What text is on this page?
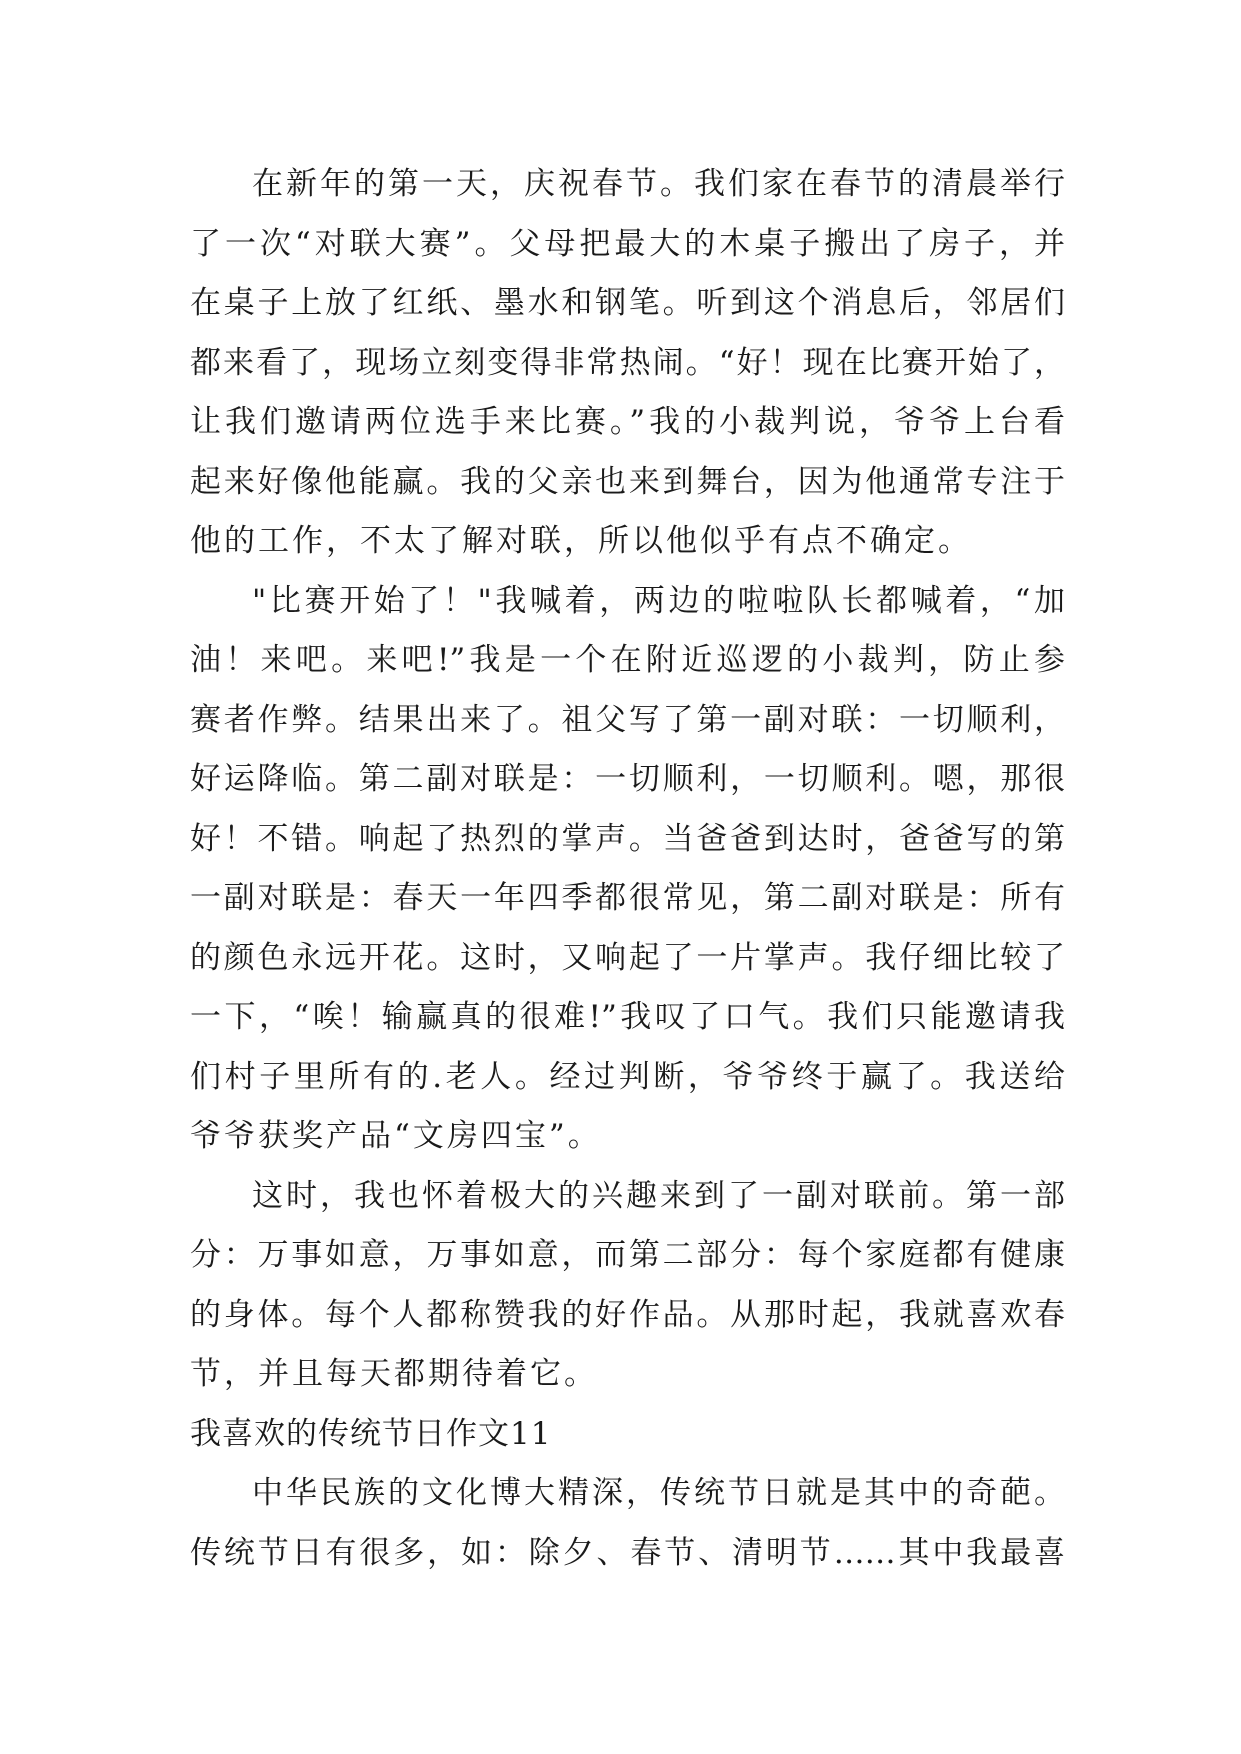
在新年的第一天，庆祝春节。我们家在春节的清晨举行
了一次“对联大赛”。父母把最大的木桌子搬出了房子，并
在桌子上放了红纸、墨水和钢笔。听到这个消息后，邻居们
都来看了，现场立刻变得非常热闹。“好！现在比赛开始了，
让我们邀请两位选手来比赛。”我的小裁判说，爷爷上台看
起来好像他能赢。我的父亲也来到舞台，因为他通常专注于
他的工作，不太了解对联，所以他似乎有点不确定。
"比赛开始了！"我喊着，两边的啦啦队长都喊着，“加
油！来吧。来吧!”我是一个在附近巡逻的小裁判，防止参
赛者作弊。结果出来了。祖父写了第一副对联：一切顺利，
好运降临。第二副对联是：一切顺利，一切顺利。嗯，那很
好！不错。响起了热烈的掌声。当爸爸到达时，爸爸写的第
一副对联是：春天一年四季都很常见，第二副对联是：所有
的颜色永远开花。这时，又响起了一片掌声。我仔细比较了
一下，“唉！输赢真的很难!”我叹了口气。我们只能邀请我
们村子里所有的.老人。经过判断，爷爷终于赢了。我送给
爷爷获奖产品“文房四宝”。
这时，我也怀着极大的兴趣来到了一副对联前。第一部
分：万事如意，万事如意，而第二部分：每个家庭都有健康
的身体。每个人都称赞我的好作品。从那时起，我就喜欢春
节，并且每天都期待着它。
我喜欢的传统节日作文11
中华民族的文化博大精深，传统节日就是其中的奇葩。
传统节日有很多，如：除夕、春节、清明节……其中我最喜
